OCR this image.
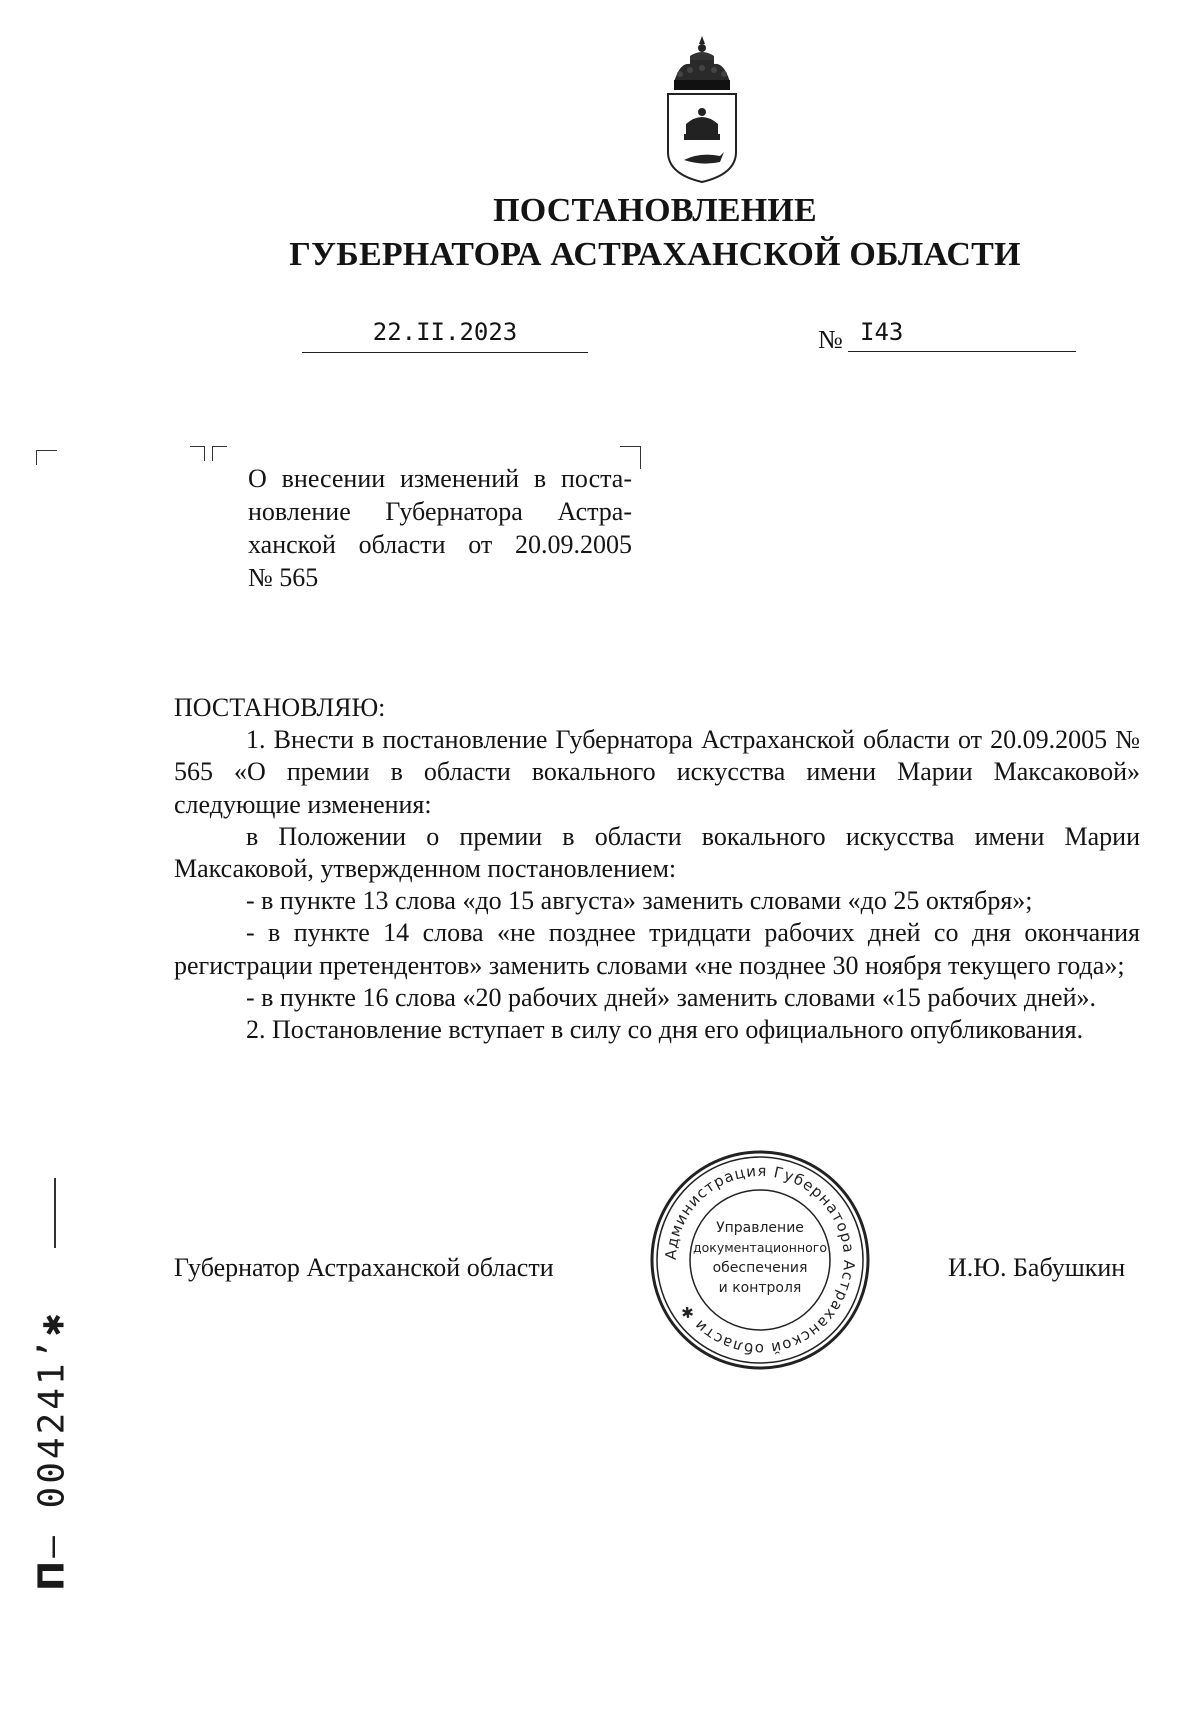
ПОСТАНОВЛЕНИЕ
ГУБЕРНАТОРА АСТРАХАНСКОЙ ОБЛАСТИ
22.II.2023	№ I43
О внесении изменений в поста-
новление Губернатора Астра-
ханской области от 20.09.2005
№ 565

ПОСТАНОВЛЯЮ:

1. Внести в постановление Губернатора Астраханской области от 20.09.2005 № 565 «О премии в области вокального искусства имени Марии Максаковой» следующие изменения:

в Положении о премии в области вокального искусства имени Марии Максаковой, утвержденном постановлением:

- в пункте 13 слова «до 15 августа» заменить словами «до 25 октября»;

- в пункте 14 слова «не позднее тридцати рабочих дней со дня окончания регистрации претендентов» заменить словами «не позднее 30 ноября текущего года»;

- в пункте 16 слова «20 рабочих дней» заменить словами «15 рабочих дней».

2. Постановление вступает в силу со дня его официального опубликования.

Губернатор Астраханской области	И.Ю. Бабушкин
Администрация Губернатора Астраханской области ✱
Управление
документационного
обеспечения
и контроля
П– 004241’✱
